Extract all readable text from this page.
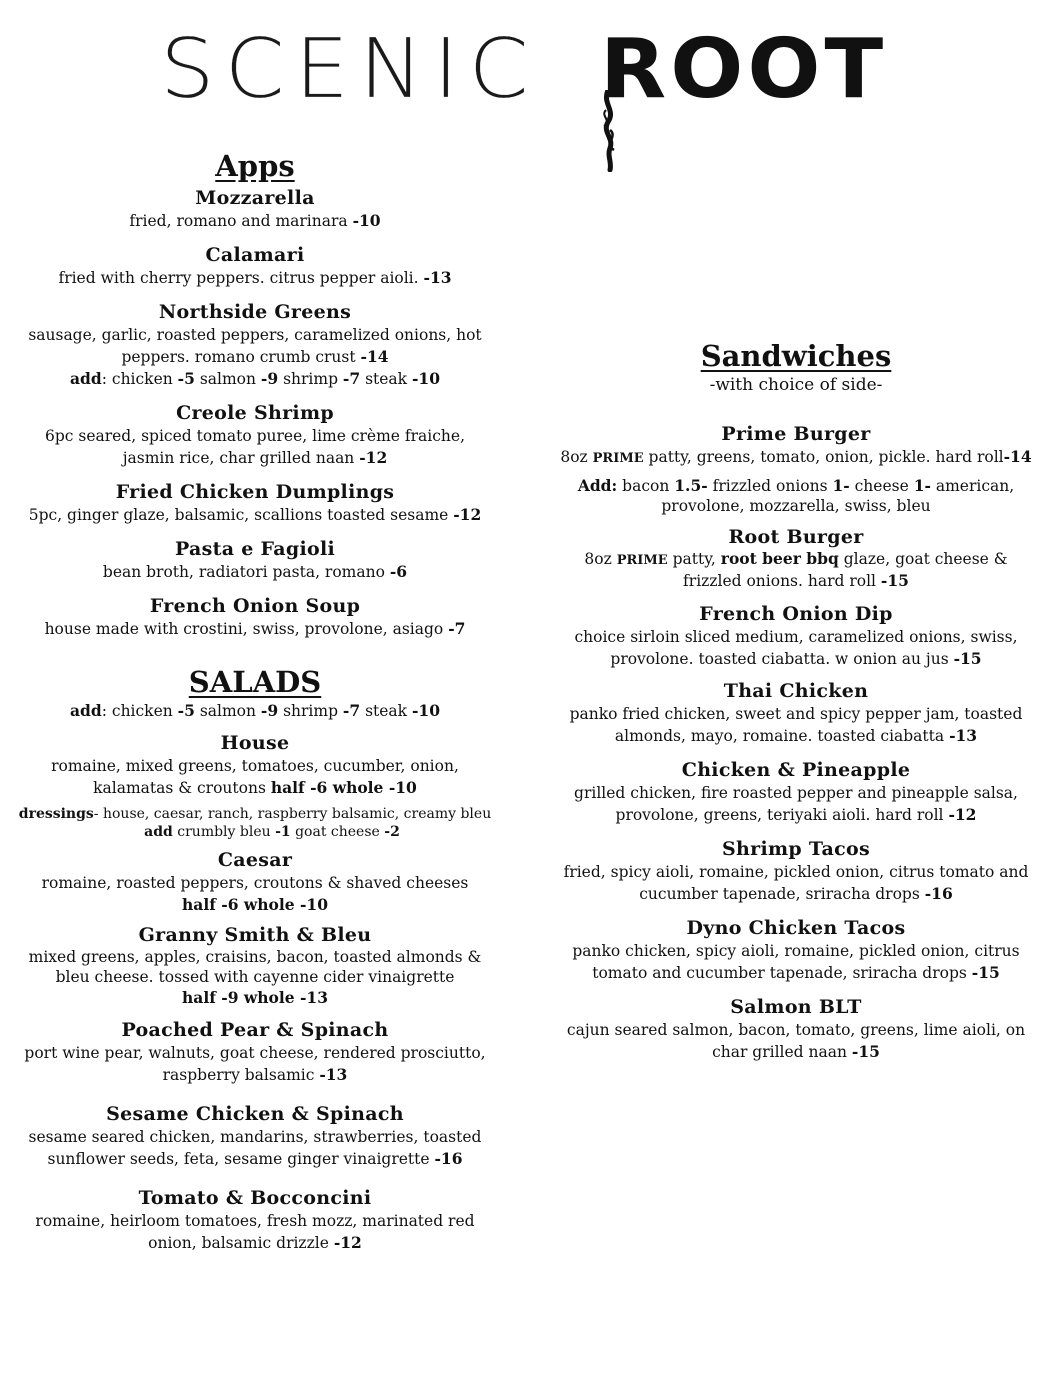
SCENIC ROOT
Apps
Mozzarella
fried, romano and marinara -10
Calamari
fried with cherry peppers. citrus pepper aioli. -13
Northside Greens
sausage, garlic, roasted peppers, caramelized onions, hot peppers. romano crumb crust -14
add: chicken -5 salmon -9 shrimp -7 steak -10
Creole Shrimp
6pc seared, spiced tomato puree, lime crème fraiche, jasmin rice, char grilled naan -12
Fried Chicken Dumplings
5pc, ginger glaze, balsamic, scallions toasted sesame -12
Pasta e Fagioli
bean broth, radiatori pasta, romano -6
French Onion Soup
house made with crostini, swiss, provolone, asiago -7
SALADS
add: chicken -5 salmon -9 shrimp -7 steak -10
House
romaine, mixed greens, tomatoes, cucumber, onion, kalamatas & croutons half -6 whole -10
dressings- house, caesar, ranch, raspberry balsamic, creamy bleuadd crumbly bleu -1 goat cheese -2
Caesar
romaine, roasted peppers, croutons & shaved cheeses
half -6 whole -10
Granny Smith & Bleu
mixed greens, apples, craisins, bacon, toasted almonds & bleu cheese. tossed with cayenne cider vinaigrette
half -9 whole -13
Poached Pear & Spinach
port wine pear, walnuts, goat cheese, rendered prosciutto, raspberry balsamic -13
Sesame Chicken & Spinach
sesame seared chicken, mandarins, strawberries, toasted sunflower seeds, feta, sesame ginger vinaigrette -16
Tomato & Bocconcini
romaine, heirloom tomatoes, fresh mozz, marinated red onion, balsamic drizzle -12
Sandwiches
-with choice of side-
Prime Burger
8oz PRIME patty, greens, tomato, onion, pickle. hard roll-14
Add: bacon 1.5- frizzled onions 1- cheese 1- american, provolone, mozzarella, swiss, bleu
Root Burger
8oz PRIME patty, root beer bbq glaze, goat cheese & frizzled onions. hard roll -15
French Onion Dip
choice sirloin sliced medium, caramelized onions, swiss, provolone. toasted ciabatta. w onion au jus -15
Thai Chicken
panko fried chicken, sweet and spicy pepper jam, toasted almonds, mayo, romaine. toasted ciabatta -13
Chicken & Pineapple
grilled chicken, fire roasted pepper and pineapple salsa, provolone, greens, teriyaki aioli. hard roll -12
Shrimp Tacos
fried, spicy aioli, romaine, pickled onion, citrus tomato and cucumber tapenade, sriracha drops -16
Dyno Chicken Tacos
panko chicken, spicy aioli, romaine, pickled onion, citrus tomato and cucumber tapenade, sriracha drops -15
Salmon BLT
cajun seared salmon, bacon, tomato, greens, lime aioli, on char grilled naan -15
